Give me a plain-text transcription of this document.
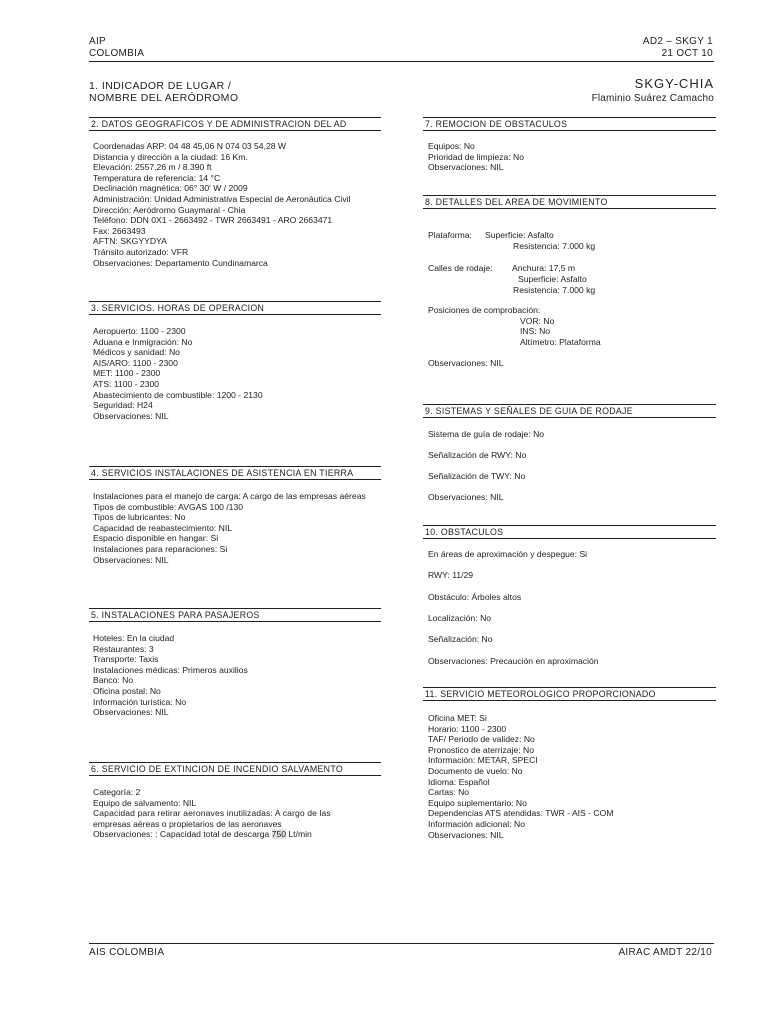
AIP
COLOMBIA
AD2 – SKGY 1
21 OCT 10
1. INDICADOR DE LUGAR /
NOMBRE DEL AERÓDROMO
SKGY-CHIA
Flaminio Suárez Camacho
2. DATOS GEOGRAFICOS Y DE ADMINISTRACION DEL AD
Coordenadas ARP: 04 48 45,06 N 074 03 54,28 W
Distancia y dirección a la ciudad: 16 Km.
Elevación: 2557,26 m / 8.390 ft
Temperatura de referencia: 14 °C
Declinación magnética: 06° 30' W / 2009
Administración: Unidad Administrativa Especial de Aeronáutica Civil
Dirección: Aeródromo Guaymaral - Chia
Teléfono: DDN 0X1 - 2663492 - TWR 2663491 - ARO 2663471
Fax: 2663493
AFTN: SKGYYDYA
Tránsito autorizado: VFR
Observaciones: Departamento Cundinamarca
3. SERVICIOS. HORAS DE OPERACION
Aeropuerto: 1100 - 2300
Aduana e Inmigración: No
Médicos y sanidad: No
AIS/ARO: 1100 - 2300
MET: 1100 - 2300
ATS: 1100 - 2300
Abastecimiento de combustible: 1200 - 2130
Seguridad: H24
Observaciones: NIL
4. SERVICIOS INSTALACIONES DE ASISTENCIA EN TIERRA
Instalaciones para el manejo de carga: A cargo de las empresas aéreas
Tipos de combustible: AVGAS 100 /130
Tipos de lubricantes: No
Capacidad de reabastecimiento: NIL
Espacio disponible en hangar: Si
Instalaciones para reparaciones: Si
Observaciones: NIL
5. INSTALACIONES PARA PASAJEROS
Hoteles: En la ciudad
Restaurantes: 3
Transporte: Taxis
Instalaciones médicas: Primeros auxilios
Banco: No
Oficina postal: No
Información turística: No
Observaciones: NIL
6. SERVICIO DE EXTINCION DE INCENDIO SALVAMENTO
Categoría: 2
Equipo de salvamento: NIL
Capacidad para retirar aeronaves inutilizadas: A cargo de las
empresas aéreas o propietarios de las aeronaves
Observaciones: : Capacidad total de descarga 750 Lt/min
7. REMOCION DE OBSTACULOS
Equipos: No
Prioridad de limpieza: No
Observaciones: NIL
8. DETALLES DEL AREA DE MOVIMIENTO
Plataforma: Superficie: Asfalto
Resistencia: 7.000 kg
Calles de rodaje: Anchura: 17,5 m
Superficie: Asfalto
Resistencia: 7.000 kg
Posiciones de comprobación:
VOR: No
INS: No
Altímetro: Plataforma
Observaciones: NIL
9. SISTEMAS Y SEÑALES DE GUIA DE RODAJE
Sistema de guía de rodaje: No
Señalización de RWY: No
Señalización de TWY: No
Observaciones: NIL
10. OBSTACULOS
En áreas de aproximación y despegue: Si
RWY: 11/29
Obstáculo: Árboles altos
Localización: No
Señalización: No
Observaciones: Precaución en aproximación
11. SERVICIO METEOROLOGICO PROPORCIONADO
Oficina MET: Si
Horario: 1100 - 2300
TAF/ Periodo de validez: No
Pronostico de aterrizaje: No
Información: METAR, SPECI
Documento de vuelo: No
Idioma: Español
Cartas: No
Equipo suplementario: No
Dependencias ATS atendidas: TWR - AIS - COM
Información adicional: No
Observaciones: NIL
AIS COLOMBIA	AIRAC AMDT 22/10
